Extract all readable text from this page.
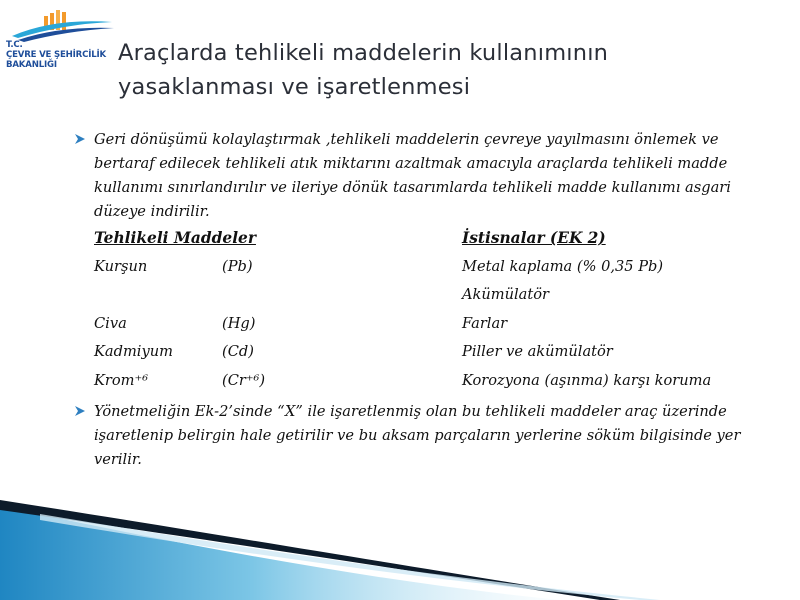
T.C.
ÇEVRE VE ŞEHİRCİLİK
BAKANLIĞI	Araçlarda tehlikeli maddelerin kullanımının
yasaklanması ve işaretlenmesi
Geri dönüşümü kolaylaştırmak ,tehlikeli maddelerin çevreye yayılmasını önlemek ve
bertaraf edilecek tehlikeli atık miktarını azaltmak amacıyla araçlarda tehlikeli madde
kullanımı sınırlandırılır ve ileriye dönük tasarımlarda tehlikeli madde kullanımı asgari
düzeye indirilir.
Tehlikeli Maddeler	İstisnalar (EK 2)
Kurşun	(Pb)	Metal kaplama (% 0,35 Pb)
Akümülatör
Civa	(Hg)	Farlar
Kadmiyum	(Cd)	Piller ve akümülatör
Krom⁺⁶	(Cr⁺⁶)	Korozyona (aşınma) karşı koruma
Yönetmeliğin Ek-2’sinde “X” ile işaretlenmiş olan bu tehlikeli maddeler araç üzerinde
işaretlenip belirgin hale getirilir ve bu aksam parçaların yerlerine söküm bilgisinde yer
verilir.
